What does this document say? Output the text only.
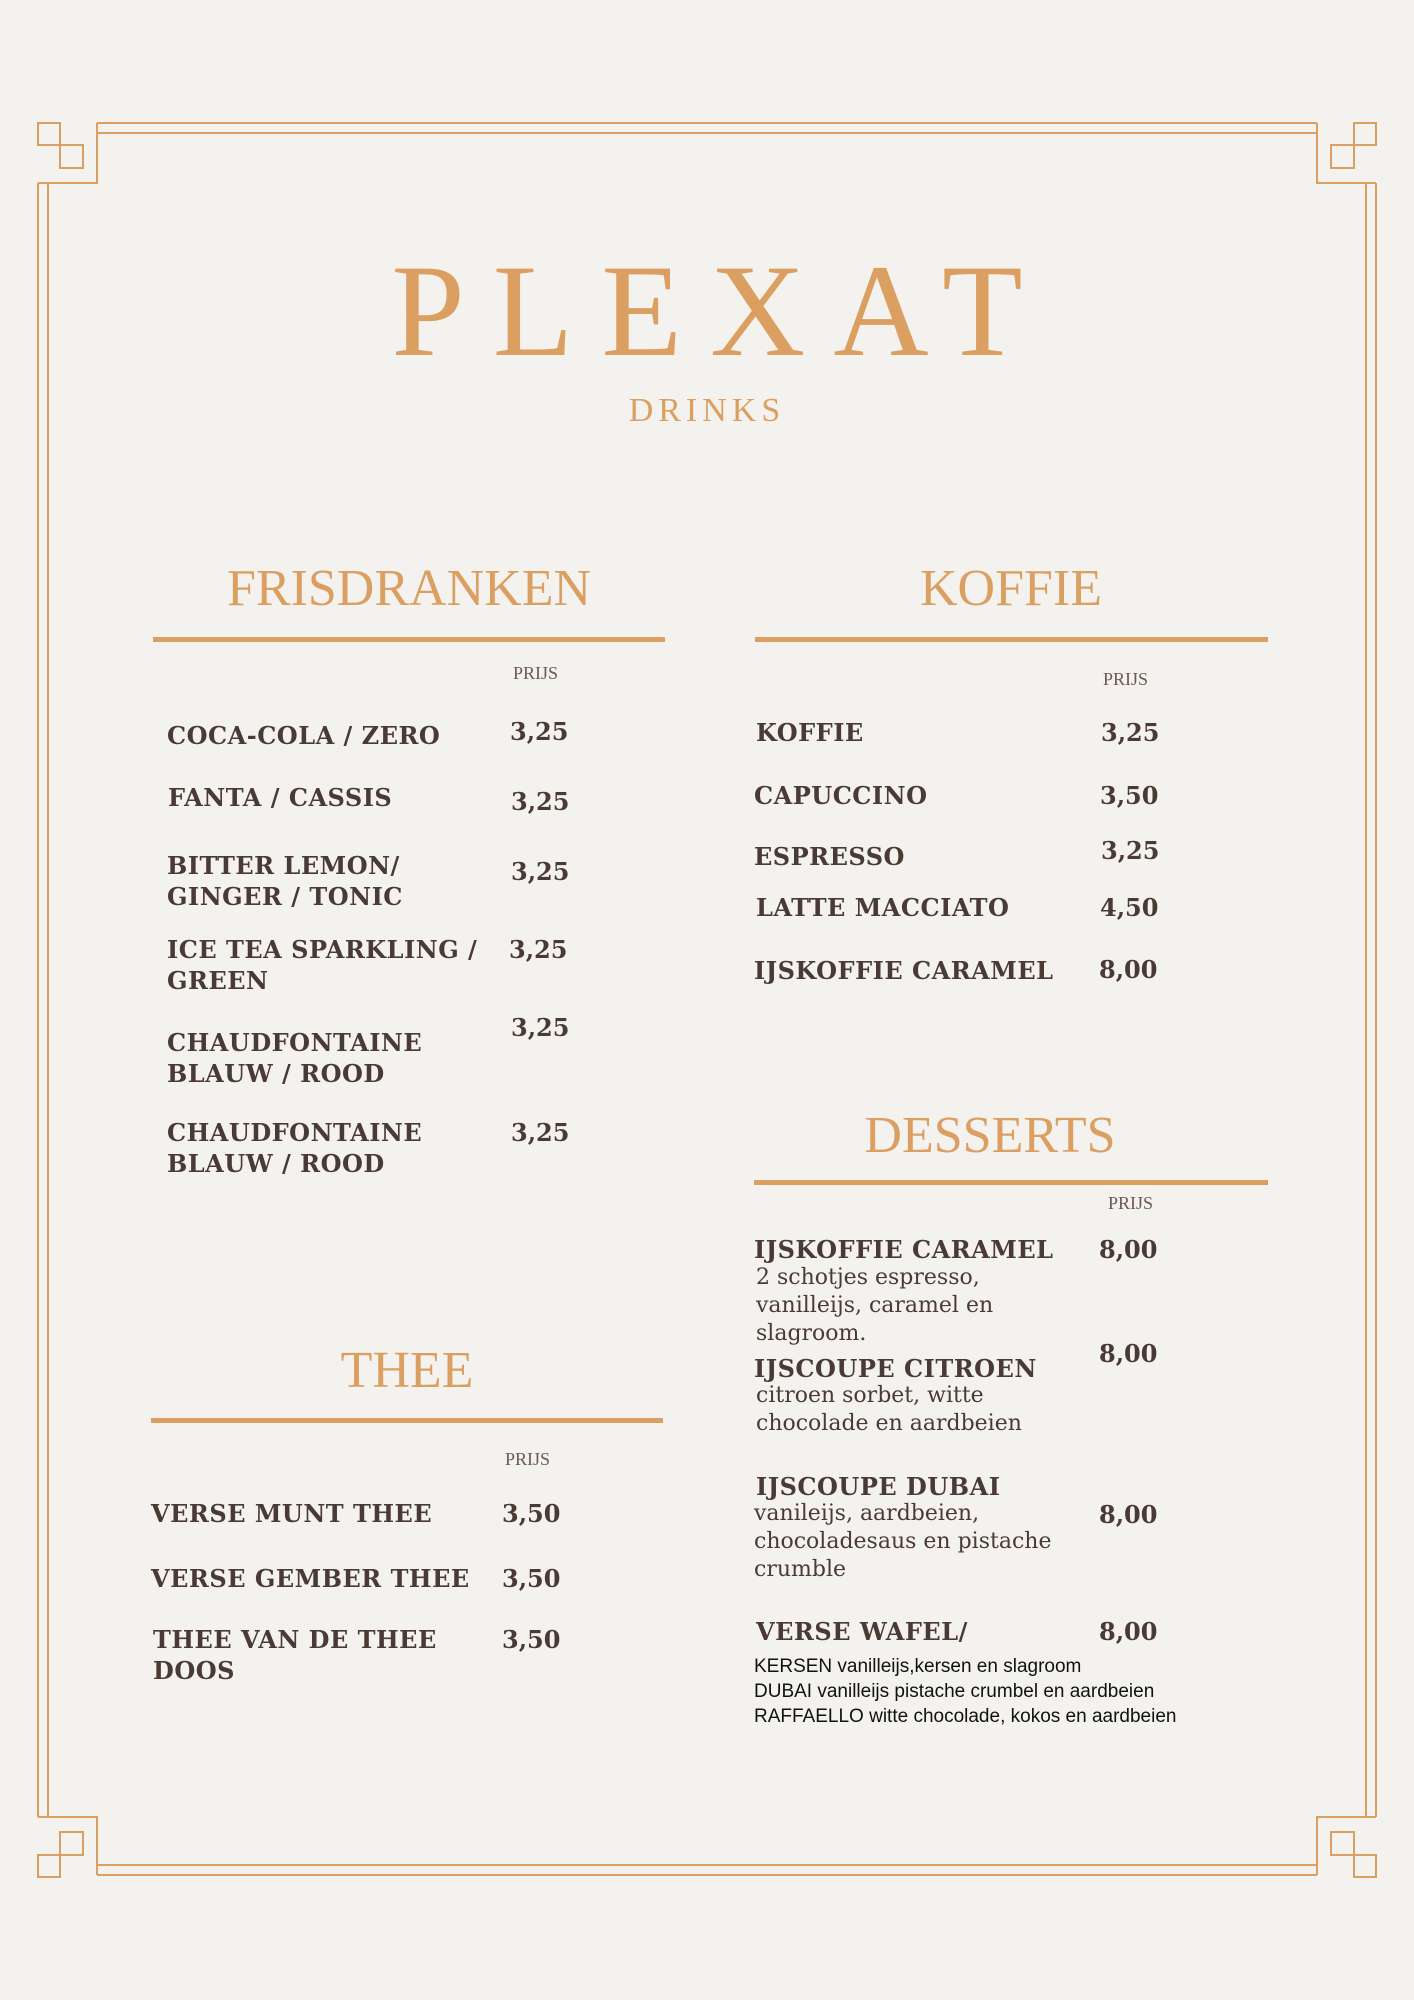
PLEXAT
DRINKS
FRISDRANKEN
PRIJS
COCA-COLA / ZERO	3,25
FANTA / CASSIS	3,25
BITTER LEMON/
GINGER / TONIC
3,25
ICE TEA SPARKLING /
GREEN
3,25
CHAUDFONTAINE
BLAUW / ROOD
3,25
CHAUDFONTAINE
BLAUW / ROOD
3,25
KOFFIE
PRIJS
KOFFIE	3,25
CAPUCCINO	3,50
ESPRESSO	3,25
LATTE MACCIATO	4,50
IJSKOFFIE CARAMEL 8,00
DESSERTS
PRIJS
IJSKOFFIE CARAMEL 8,00
2 schotjes espresso,
vanilleijs, caramel en
slagroom.
IJSCOUPE CITROEN
8,00
citroen sorbet, witte
chocolade en aardbeien
IJSCOUPE DUBAI
8,00
vanileijs, aardbeien,
chocoladesaus en pistache
crumble
VERSE WAFEL/	8,00
KERSEN vanilleijs,kersen en slagroom
DUBAI vanilleijs pistache crumbel en aardbeien
RAFFAELLO witte chocolade, kokos en aardbeien
THEE
PRIJS
VERSE MUNT THEE	3,50
VERSE GEMBER THEE 3,50
THEE VAN DE THEE
DOOS
3,50
